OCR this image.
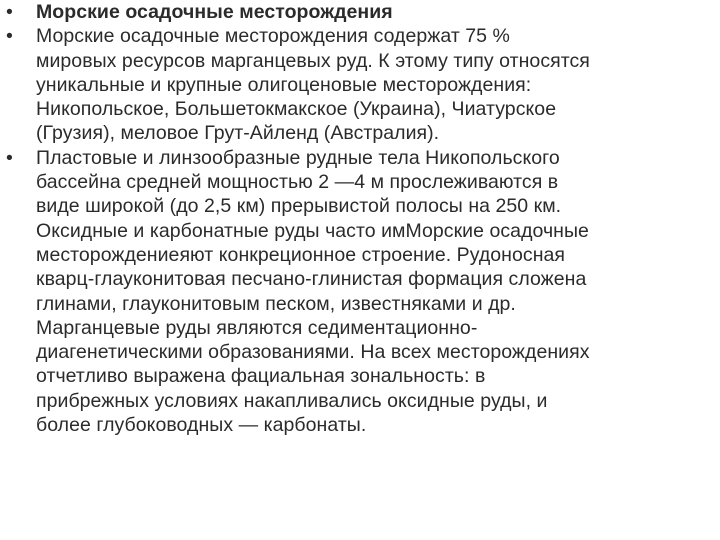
•	Морские осадочные месторождения
•	Морские осадочные месторождения содержат 75 %
мировых ресурсов марганцевых руд. К этому типу относятся
уникальные и крупные олигоценовые месторождения:
Никопольское, Большетокмакское (Украина), Чиатурское
(Грузия), меловое Грут-Айленд (Австралия).
•	Пластовые и линзообразные рудные тела Никопольского
бассейна средней мощностью 2 —4 м прослеживаются в
виде широкой (до 2,5 км) прерывистой полосы на 250 км.
Оксидные и карбонатные руды часто имМорские осадочные
месторождениеяют конкреционное строение. Рудоносная
кварц-глауконитовая песчано-глинистая формация сложена
глинами, глауконитовым песком, известняками и др.
Марганцевые руды являются седиментационно-
диагенетическими образованиями. На всех месторождениях
отчетливо выражена фациальная зональность: в
прибрежных условиях накапливались оксидные руды, и
более глубоководных — карбонаты.
